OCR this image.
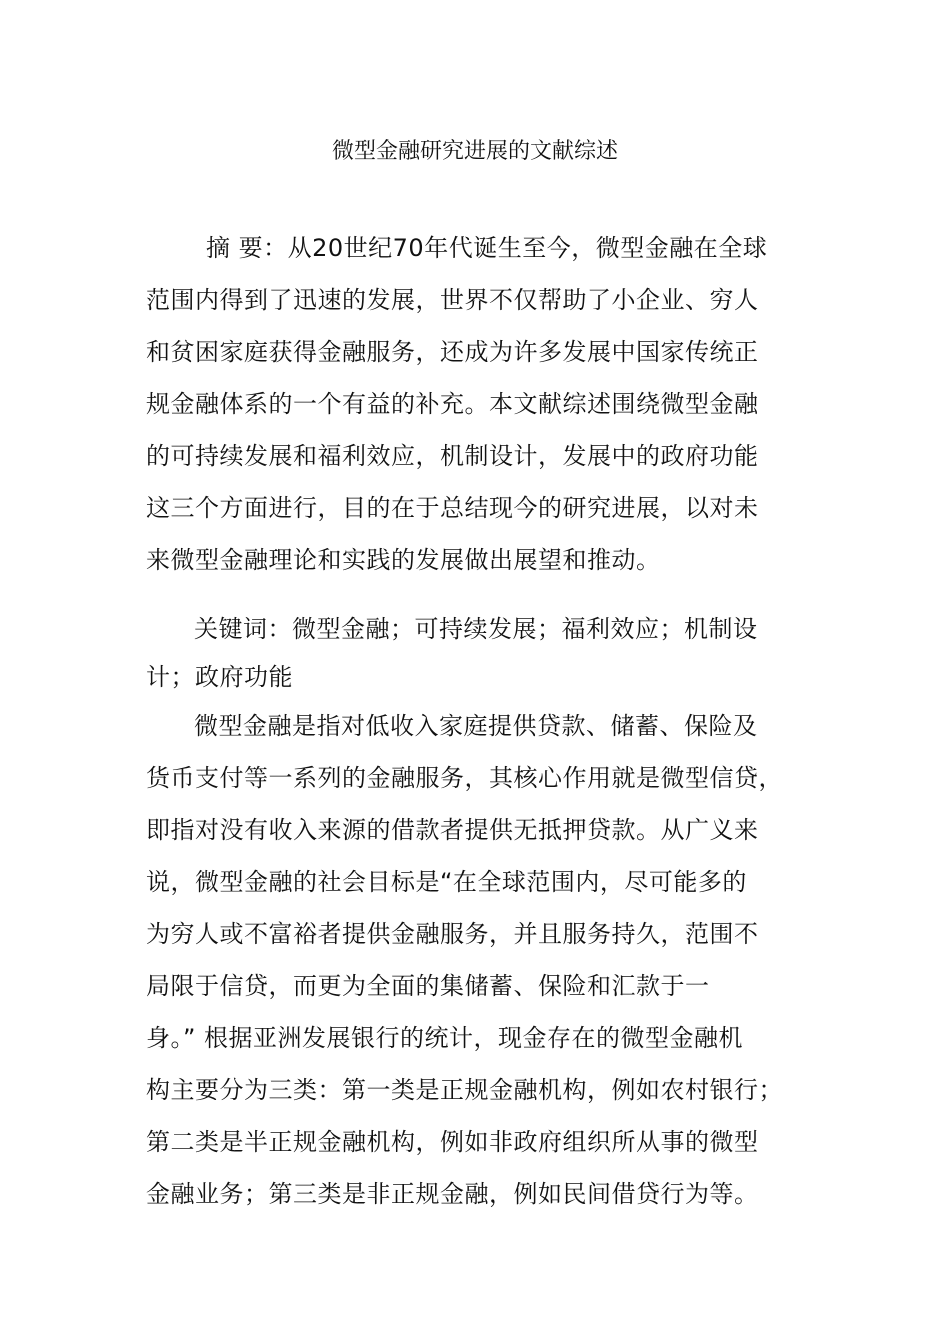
微型金融研究进展的文献综述
摘 要：从20世纪70年代诞生至今，微型金融在全球
范围内得到了迅速的发展，世界不仅帮助了小企业、穷人
和贫困家庭获得金融服务，还成为许多发展中国家传统正
规金融体系的一个有益的补充。本文献综述围绕微型金融
的可持续发展和福利效应，机制设计，发展中的政府功能
这三个方面进行，目的在于总结现今的研究进展，以对未
来微型金融理论和实践的发展做出展望和推动。
关键词：微型金融；可持续发展；福利效应；机制设
计；政府功能
微型金融是指对低收入家庭提供贷款、储蓄、保险及
货币支付等一系列的金融服务，其核心作用就是微型信贷，
即指对没有收入来源的借款者提供无抵押贷款。从广义来
说，微型金融的社会目标是“在全球范围内，尽可能多的
为穷人或不富裕者提供金融服务，并且服务持久，范围不
局限于信贷，而更为全面的集储蓄、保险和汇款于一
身。” 根据亚洲发展银行的统计，现金存在的微型金融机
构主要分为三类：第一类是正规金融机构，例如农村银行；
第二类是半正规金融机构，例如非政府组织所从事的微型
金融业务；第三类是非正规金融，例如民间借贷行为等。
